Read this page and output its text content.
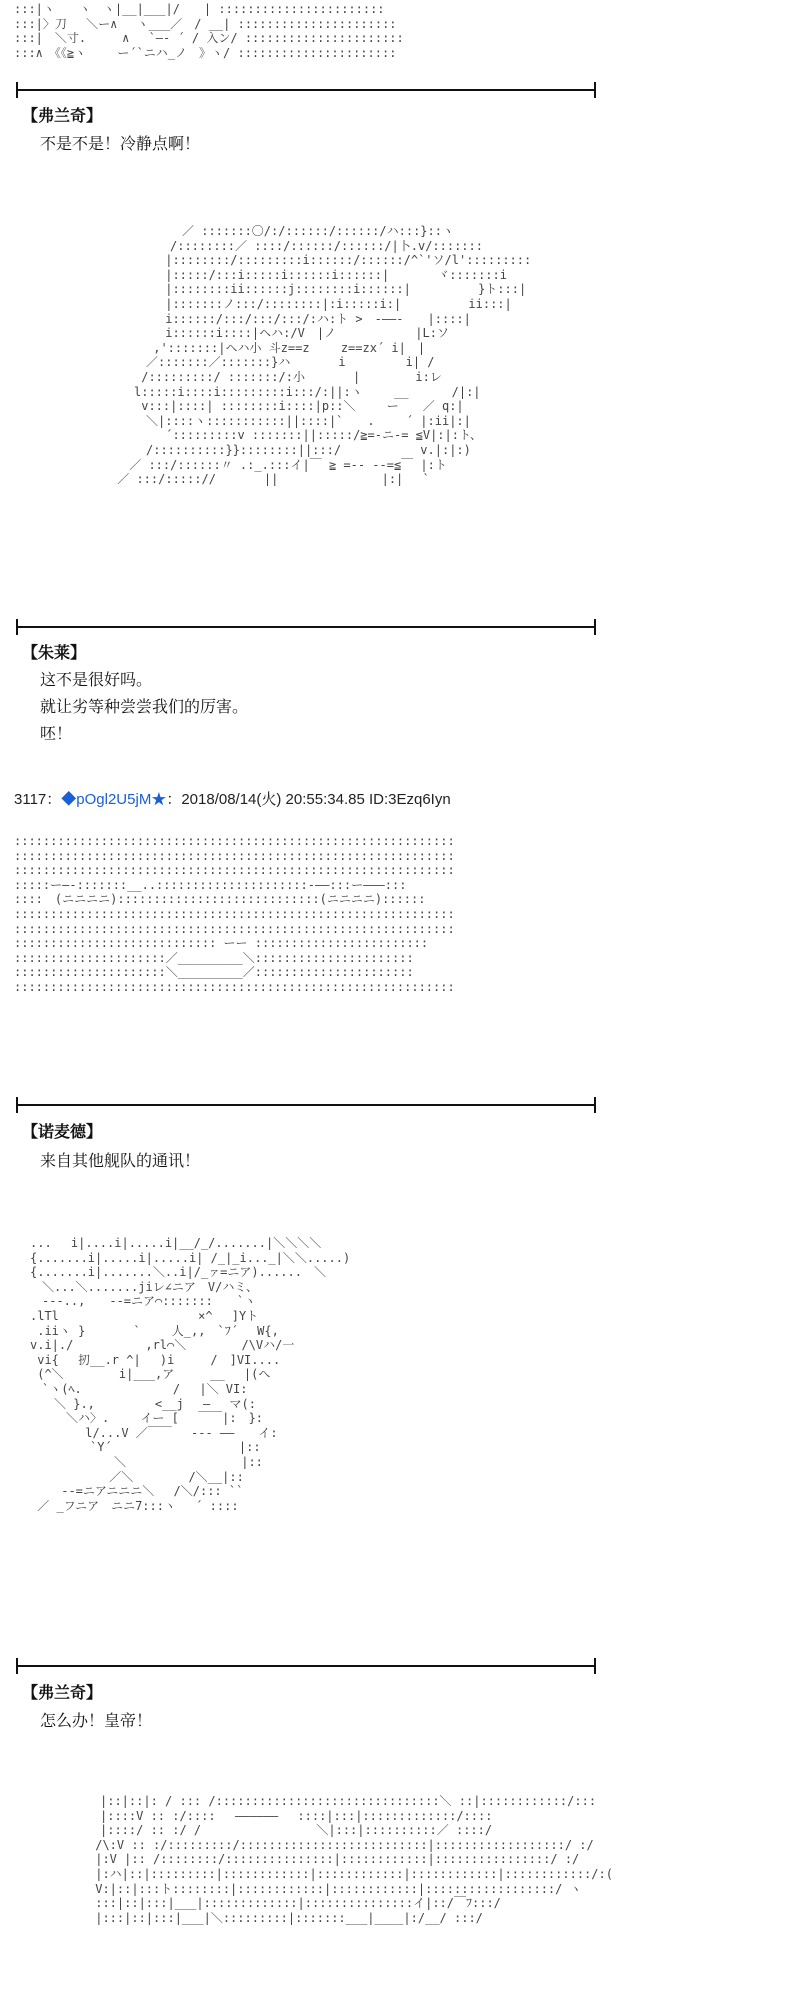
:::|ヽ　　ヽ　ヽ|__|___|/　　| :::::::::::::::::::::::
:::|〉刀　 ＼ー∧　 ヽ___／　/ __| ::::::::::::::::::::::
:::|　＼寸.　　　∧　 `―‐ ´ / 入ン/ ::::::::::::::::::::::
:::∧　《《≧ヽ　　 ー´`ニハ_ノ　》ヽ/ ::::::::::::::::::::::
【弗兰奇】
不是不是！冷静点啊！
　　　　　　／ :::::::〇/:/::::::/::::::/ハ:::}::ヽ
　　　　　/::::::::／ ::::/::::::/::::::/|卜.v/:::::::
　　　　 |::::::::/:::::::::i::::::/::::::/^`'ソ/l':::::::::
　　　　 |:::::/:::i:::::i::::::i::::::|　　　　ヾ:::::::i
　　　　 |::::::::ii::::::j::::::::i::::::|　　　　　 }ト:::|
　　　　 |:::::::ノ:::/::::::::|:i:::::i:|　　　　　 ii:::|
　　　　 i::::::/:::/:::/:::/:ハ:ト >　-――-　　|::::|
　　　　 i::::::i::::|ヘハ:/V　|ノ　　　　　　 |L:ソ
　　　 ,':::::::|ヘハ小 斗z==z　　 z==zx´ i|　|
　　　／:::::::／:::::::}ハ　　　　i　　　　　i| /
　　 /:::::::::/ :::::::/:小　　　　|　　　　 i:レ
　　l:::::i::::i:::::::::i:::/:||:ヽ　　 __ 　　　/|:|
　　 v:::|::::| ::::::::i::::|p::＼　　 ー　　／ q:|
　　　＼|::::ヽ:::::::::::||::::|`　　.　　 ´ |:ii|:|
　　　　 ´:::::::::v :::::::||:::::/≧=-ニ-= ≦V|:|:ト、
　　　/::::::::::}}::::::::||:::/　　　　　　 v.|:|:)
　 ／ :::/::::::〃 .:_.:::イ|￣ ≧ =-- --=≦￣ |:ト
／ :::/::::://　　　　||　　　　　　　　 |:|　 `
【朱莱】
这不是很好吗。
就让劣等种尝尝我们的厉害。
呸！
3117：◆pOgl2U5jM★：2018/08/14(火) 20:55:34.85 ID:3Ezq6Iyn
:::::::::::::::::::::::::::::::::::::::::::::::::::::::::::::
:::::::::::::::::::::::::::::::::::::::::::::::::::::::::::::
:::::::::::::::::::::::::::::::::::::::::::::::::::::::::::::
:::::ー―-:::::::__..:::::::::::::::::::::-――:::ー―――:::
::::　(ニニニニ)::::::::::::::::::::::::::::(ニニニニ)::::::
:::::::::::::::::::::::::::::::::::::::::::::::::::::::::::::
:::::::::::::::::::::::::::::::::::::::::::::::::::::::::::::
:::::::::::::::::::::::::::: ーー ::::::::::::::::::::::::
:::::::::::::::::::::／_________＼::::::::::::::::::::::
:::::::::::::::::::::＼_________／::::::::::::::::::::::
:::::::::::::::::::::::::::::::::::::::::::::::::::::::::::::
【诺麦德】
来自其他舰队的通讯！
　...　 i|....i|.....i|__/_/.......|＼＼＼＼
　{.......i|.....i|.....i| /_|_i..._|＼＼.....)
　{.......i|.......＼..i|/_ァ=ニア)......　＼
　　＼...＼.......jiレ∠ニア　V/ハミ、
　　---..,　　--=ニア⌒:::::::　　`ヽ
　.lTl　　　　　　　　　　　 ×^　 ]Yト
　 .iiヽ }　　　　`　　 人_,,　`ﾌ´　 W{,
　v.i|./　　　　　　,rl⌒＼　　　　 /\Vハ/一
　 vi{　 扨__.r ^|　 )i　　　/　]VI....
　 (^＼　　　　 i|___,ア　　　__　 |(へ
　　`ヽ(ﾍ.　　　　　　　 /　 |＼ VI:
　　　＼ }.,　　　　　<__j　 ―　 マ(:
　　　　＼ハ〉.　　 イー [　 ￣￣|:　}:
　　　　　 l/...V ／￣￣　 --‐ ――　　イ:
　　　　　　`Y´　　　　　　　　　　 |::
　　　　　　　　＼　　　　　　　　　 |::
　　　　　　　 ／＼　　　　 /＼__|::
　　　 --=ニアニニニ＼　 /＼/::: ``
　 ／ _フニア　ニニ7:::ヽ　 ´ ::::
【弗兰奇】
怎么办！皇帝！
　　　　　　　|::|::|: / ::: /:::::::::::::::::::::::::::::::＼ ::|::::::::::::/:::
　　　　　　　|::::V :: :/::::　 ――――――　 ::::|:::|:::::::::::::/::::
　　　　　　　|::::/ :: :/ /　　　　　　　　　 ＼|:::|::::::::::／ ::::/
　　　　　　 /\:V :: :/:::::::::/::::::::::::::::::::::::::|::::::::::::::::::/ :/
　　　　　　 |:V |:: /::::::::/:::::::::::::::|::::::::::::|::::::::::::::::/ :/
　　　　　　 |:ハ|::|:::::::::|::::::::::::|::::::::::::|::::::::::::|::::::::::::/:(
　　　　　　 V:|::|:::ト::::::::|::::::::::::|::::::::::::|::::::::::::::::::/ ヽ
　　　　　　 :::|::|:::|___|:::::::::::::|:::::::::::::::イ|::/￣ﾌ:::/
　　　　　　 |:::|::|:::|___|＼:::::::::|:::::::___|____|:/__/ :::/
